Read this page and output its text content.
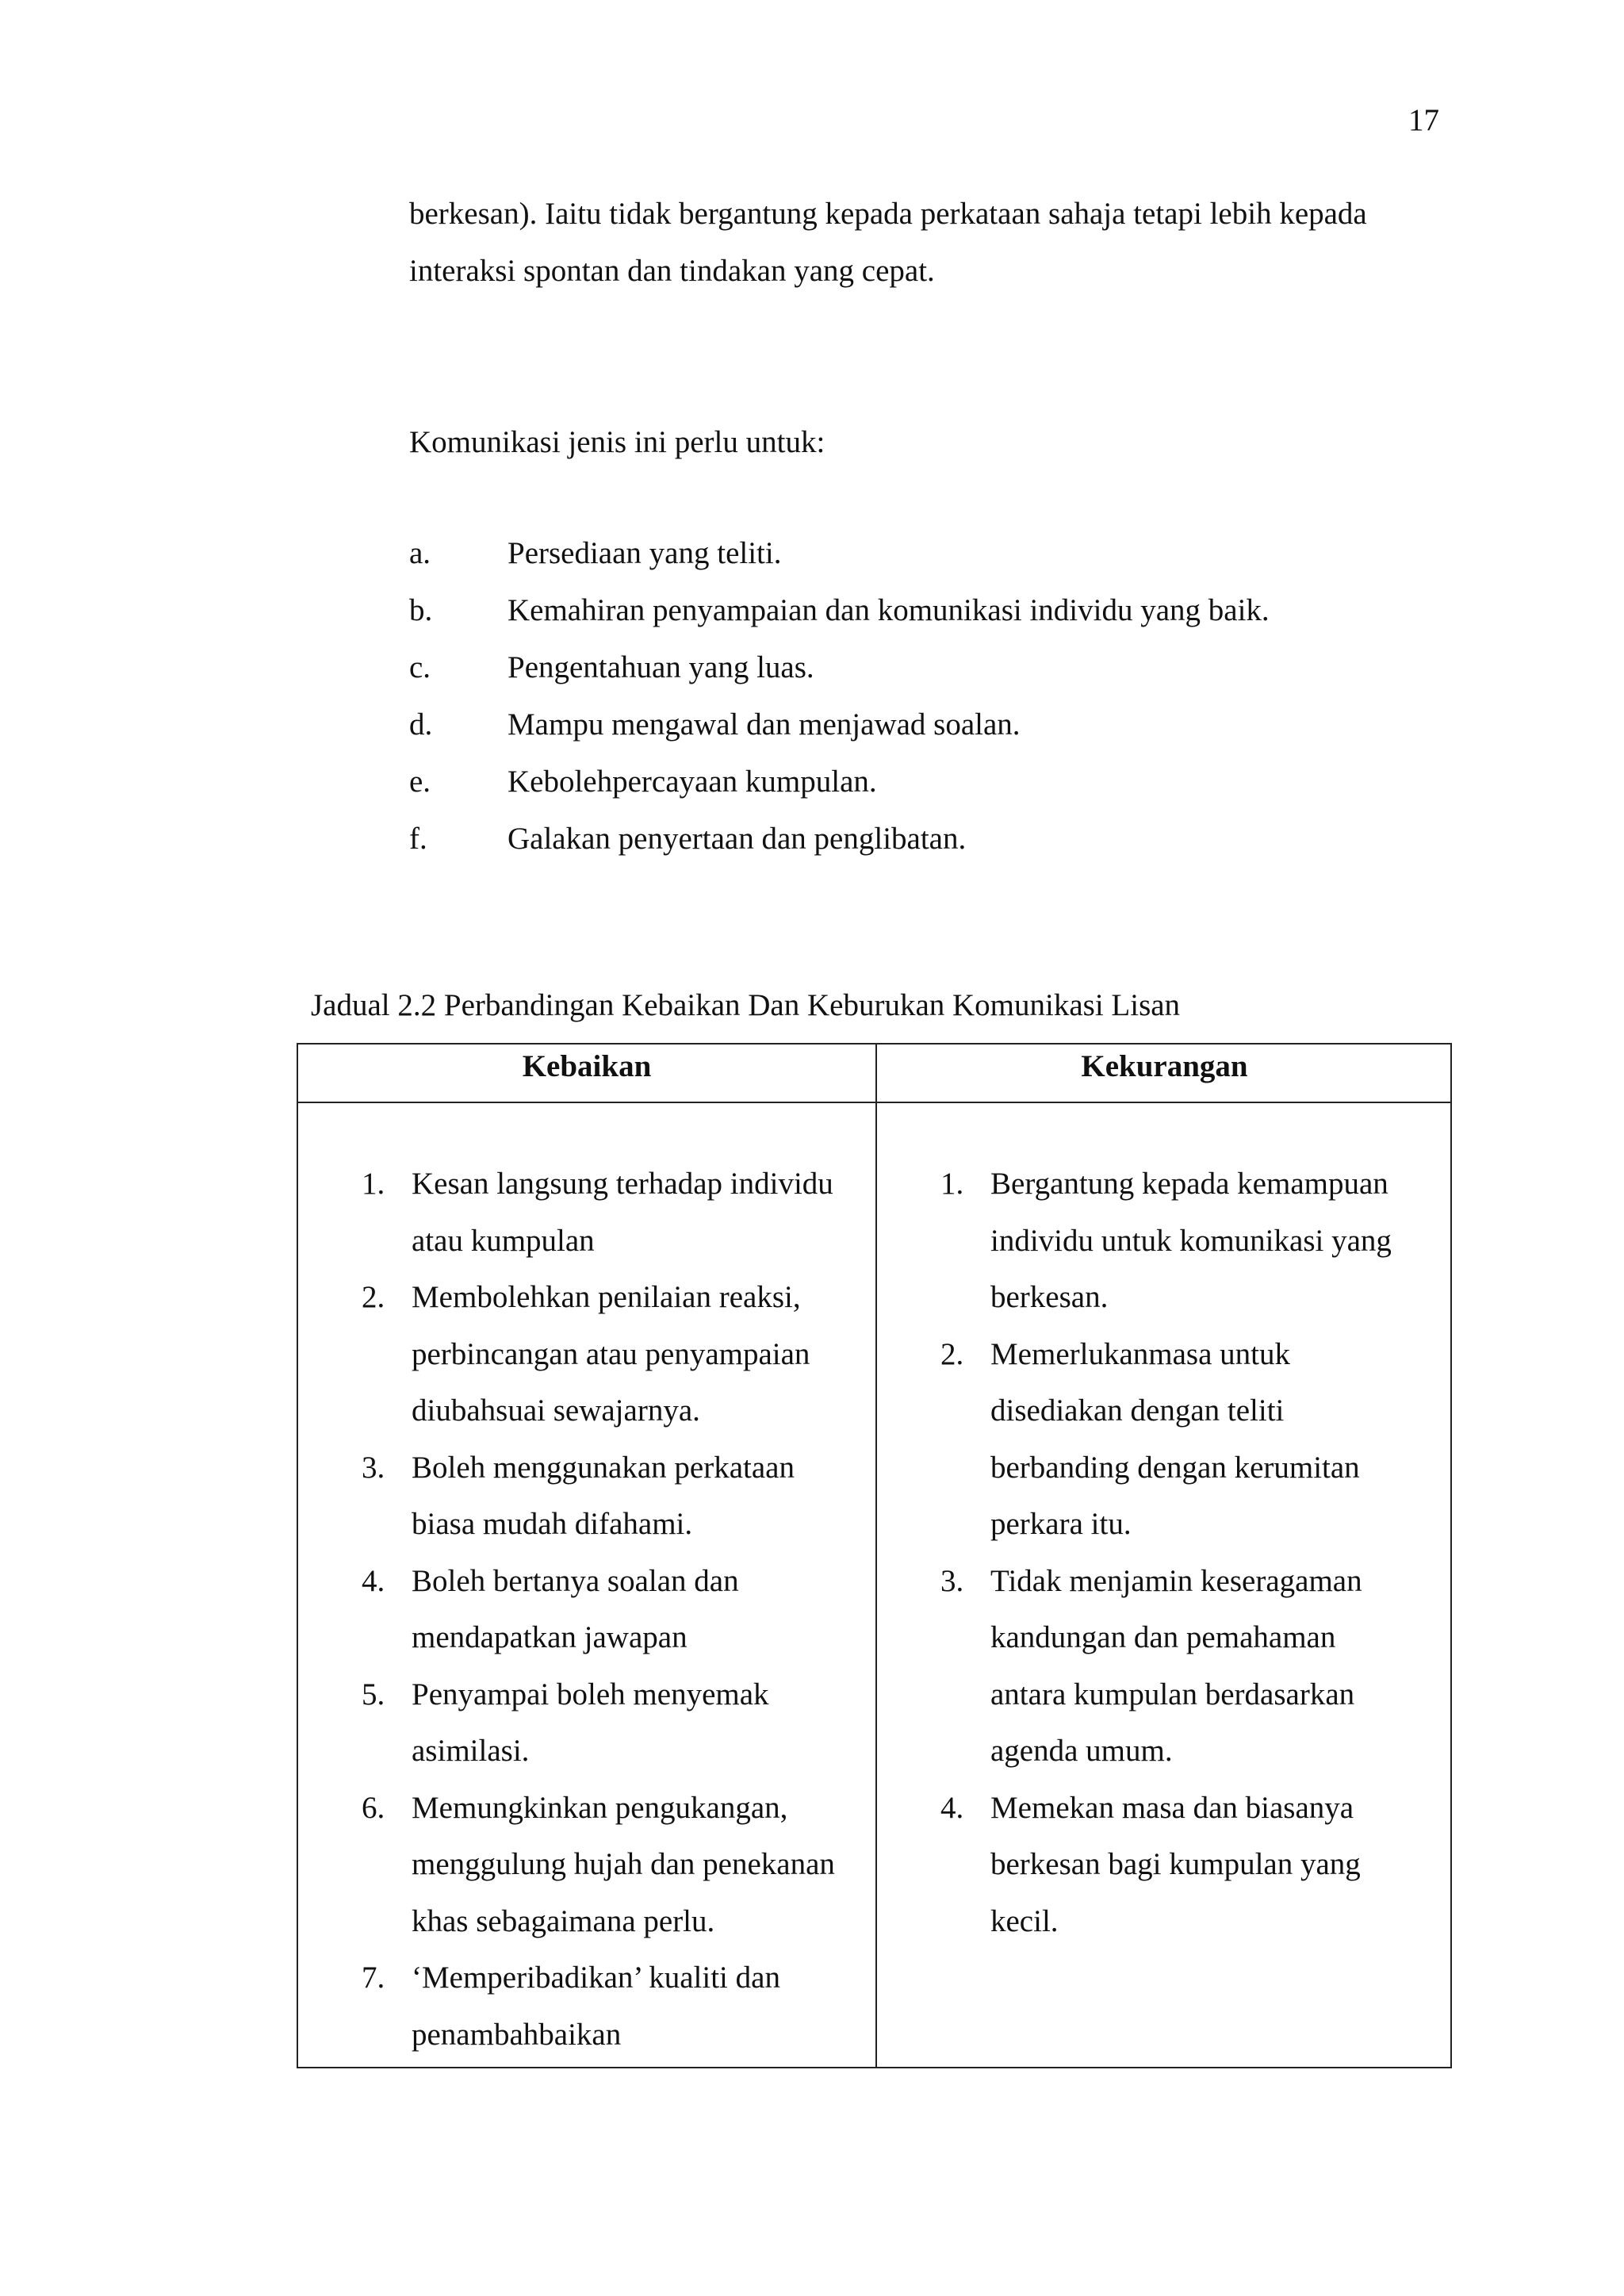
17
berkesan). Iaitu tidak bergantung kepada perkataan sahaja tetapi lebih kepada
interaksi spontan dan tindakan yang cepat.
Komunikasi jenis ini perlu untuk:
a. Persediaan yang teliti.
b. Kemahiran penyampaian dan komunikasi individu yang baik.
c. Pengentahuan yang luas.
d. Mampu mengawal dan menjawad soalan.
e. Kebolehpercayaan kumpulan.
f.	Galakan penyertaan dan penglibatan.
Jadual 2.2 Perbandingan Kebaikan Dan Keburukan Komunikasi Lisan
Kebaikan	Kekurangan
1. Kesan langsung terhadap individu
atau kumpulan
2. Membolehkan penilaian reaksi,
perbincangan atau penyampaian
diubahsuai sewajarnya.
3. Boleh menggunakan perkataan
biasa mudah difahami.
4. Boleh bertanya soalan dan
mendapatkan jawapan
5. Penyampai boleh menyemak
asimilasi.
6. Memungkinkan pengukangan,
menggulung hujah dan penekanan
khas sebagaimana perlu.
7. ‘Memperibadikan’ kualiti dan
penambahbaikan
1. Bergantung kepada kemampuan
individu untuk komunikasi yang
berkesan.
2. Memerlukanmasa untuk
disediakan dengan teliti
berbanding dengan kerumitan
perkara itu.
3. Tidak menjamin keseragaman
kandungan dan pemahaman
antara kumpulan berdasarkan
agenda umum.
4. Memekan masa dan biasanya
berkesan bagi kumpulan yang
kecil.
